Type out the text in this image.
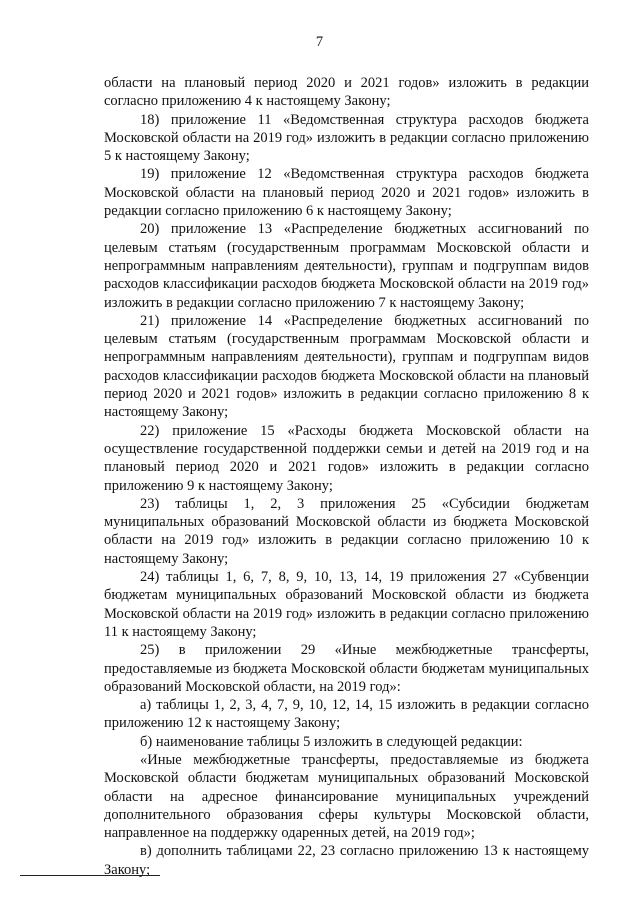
7

области на плановый период 2020 и 2021 годов» изложить в редакции согласно приложению 4 к настоящему Закону;

18) приложение 11 «Ведомственная структура расходов бюджета Московской области на 2019 год» изложить в редакции согласно приложению 5 к настоящему Закону;

19) приложение 12 «Ведомственная структура расходов бюджета Московской области на плановый период 2020 и 2021 годов» изложить в редакции согласно приложению 6 к настоящему Закону;

20) приложение 13 «Распределение бюджетных ассигнований по целевым статьям (государственным программам Московской области и непрограммным направлениям деятельности), группам и подгруппам видов расходов классификации расходов бюджета Московской области на 2019 год» изложить в редакции согласно приложению 7 к настоящему Закону;

21) приложение 14 «Распределение бюджетных ассигнований по целевым статьям (государственным программам Московской области и непрограммным направлениям деятельности), группам и подгруппам видов расходов классификации расходов бюджета Московской области на плановый период 2020 и 2021 годов» изложить в редакции согласно приложению 8 к настоящему Закону;

22) приложение 15 «Расходы бюджета Московской области на осуществление государственной поддержки семьи и детей на 2019 год и на плановый период 2020 и 2021 годов» изложить в редакции согласно приложению 9 к настоящему Закону;

23) таблицы 1, 2, 3 приложения 25 «Субсидии бюджетам муниципальных образований Московской области из бюджета Московской области на 2019 год» изложить в редакции согласно приложению 10 к настоящему Закону;

24) таблицы 1, 6, 7, 8, 9, 10, 13, 14, 19 приложения 27 «Субвенции бюджетам муниципальных образований Московской области из бюджета Московской области на 2019 год» изложить в редакции согласно приложению 11 к настоящему Закону;

25) в приложении 29 «Иные межбюджетные трансферты, предоставляемые из бюджета Московской области бюджетам муниципальных образований Московской области, на 2019 год»:

а) таблицы 1, 2, 3, 4, 7, 9, 10, 12, 14, 15 изложить в редакции согласно приложению 12 к настоящему Закону;

б) наименование таблицы 5 изложить в следующей редакции:

«Иные межбюджетные трансферты, предоставляемые из бюджета Московской области бюджетам муниципальных образований Московской области на адресное финансирование муниципальных учреждений дополнительного образования сферы культуры Московской области, направленное на поддержку одаренных детей, на 2019 год»;

в) дополнить таблицами 22, 23 согласно приложению 13 к настоящему Закону;
